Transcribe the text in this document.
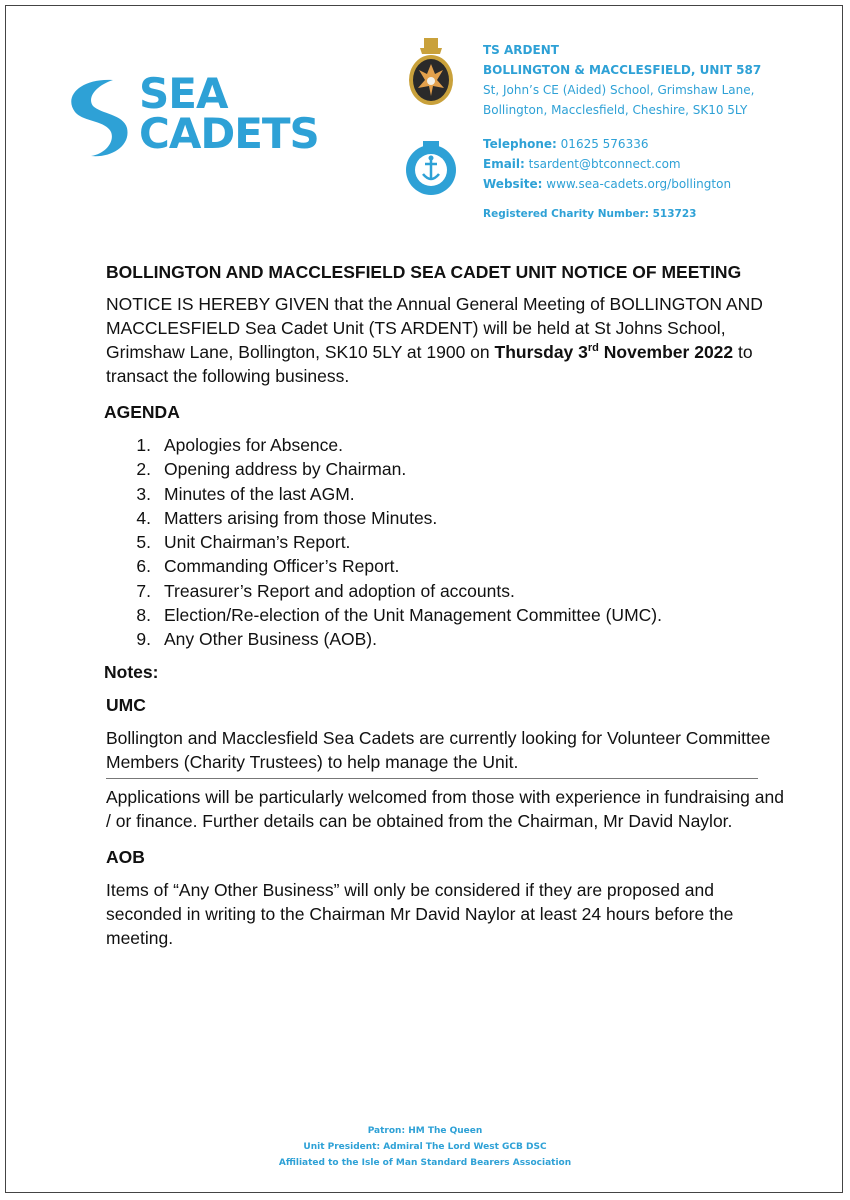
SEA
CADETS
TS ARDENT
BOLLINGTON & MACCLESFIELD, UNIT 587
St, John’s CE (Aided) School, Grimshaw Lane,
Bollington, Macclesfield, Cheshire, SK10 5LY
Telephone: 01625 576336
Email: tsardent@btconnect.com
Website: www.sea-cadets.org/bollington
Registered Charity Number: 513723

BOLLINGTON AND MACCLESFIELD SEA CADET UNIT NOTICE OF MEETING

NOTICE IS HEREBY GIVEN that the Annual General Meeting of BOLLINGTON AND MACCLESFIELD Sea Cadet Unit (TS ARDENT) will be held at St Johns School, Grimshaw Lane, Bollington, SK10 5LY at 1900 on Thursday 3rd November 2022 to transact the following business.

AGENDA
1. Apologies for Absence.
2. Opening address by Chairman.
3. Minutes of the last AGM.
4. Matters arising from those Minutes.
5. Unit Chairman’s Report.
6. Commanding Officer’s Report.
7. Treasurer’s Report and adoption of accounts.
8. Election/Re-election of the Unit Management Committee (UMC).
9. Any Other Business (AOB).
Notes:
UMC

Bollington and Macclesfield Sea Cadets are currently looking for Volunteer Committee Members (Charity Trustees) to help manage the Unit.

Applications will be particularly welcomed from those with experience in fundraising and / or finance. Further details can be obtained from the Chairman, Mr David Naylor.

AOB

Items of “Any Other Business” will only be considered if they are proposed and seconded in writing to the Chairman Mr David Naylor at least 24 hours before the meeting.

Patron: HM The Queen
Unit President: Admiral The Lord West GCB DSC
Affiliated to the Isle of Man Standard Bearers Association
